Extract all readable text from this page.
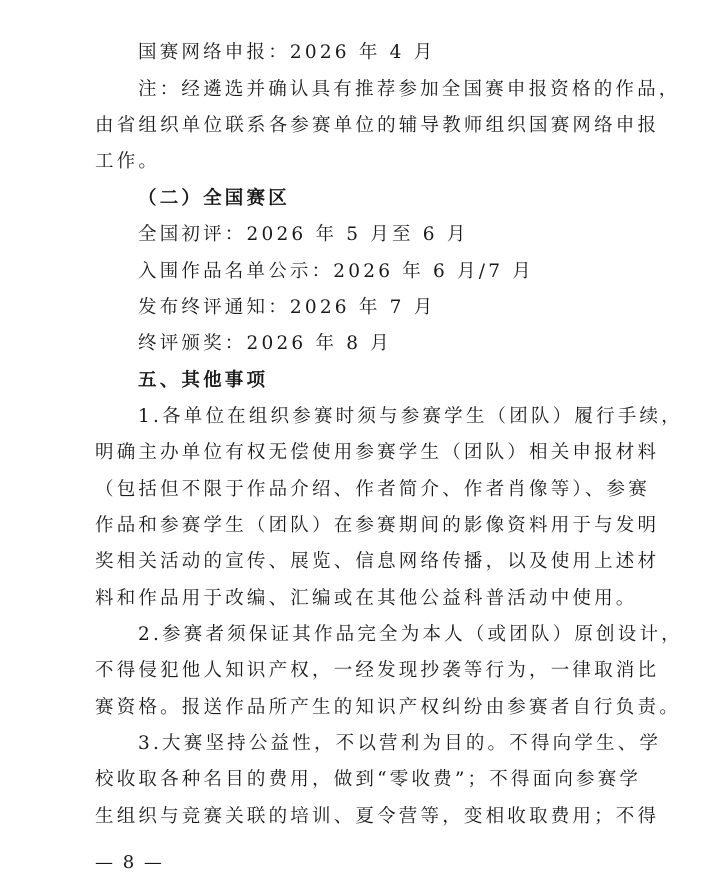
国赛网络申报：2026 年 4 月
注：经遴选并确认具有推荐参加全国赛申报资格的作品，
由省组织单位联系各参赛单位的辅导教师组织国赛网络申报
工作。
（二）全国赛区
全国初评：2026 年 5 月至 6 月
入围作品名单公示：2026 年 6 月/7 月
发布终评通知：2026 年 7 月
终评颁奖：2026 年 8 月
五、其他事项
1.各单位在组织参赛时须与参赛学生（团队）履行手续，
明确主办单位有权无偿使用参赛学生（团队）相关申报材料
（包括但不限于作品介绍、作者简介、作者肖像等）、参赛
作品和参赛学生（团队）在参赛期间的影像资料用于与发明
奖相关活动的宣传、展览、信息网络传播，以及使用上述材
料和作品用于改编、汇编或在其他公益科普活动中使用。
2.参赛者须保证其作品完全为本人（或团队）原创设计，
不得侵犯他人知识产权，一经发现抄袭等行为，一律取消比
赛资格。报送作品所产生的知识产权纠纷由参赛者自行负责。
3.大赛坚持公益性，不以营利为目的。不得向学生、学
校收取各种名目的费用，做到“零收费”；不得面向参赛学
生组织与竞赛关联的培训、夏令营等，变相收取费用；不得
— 8 —
